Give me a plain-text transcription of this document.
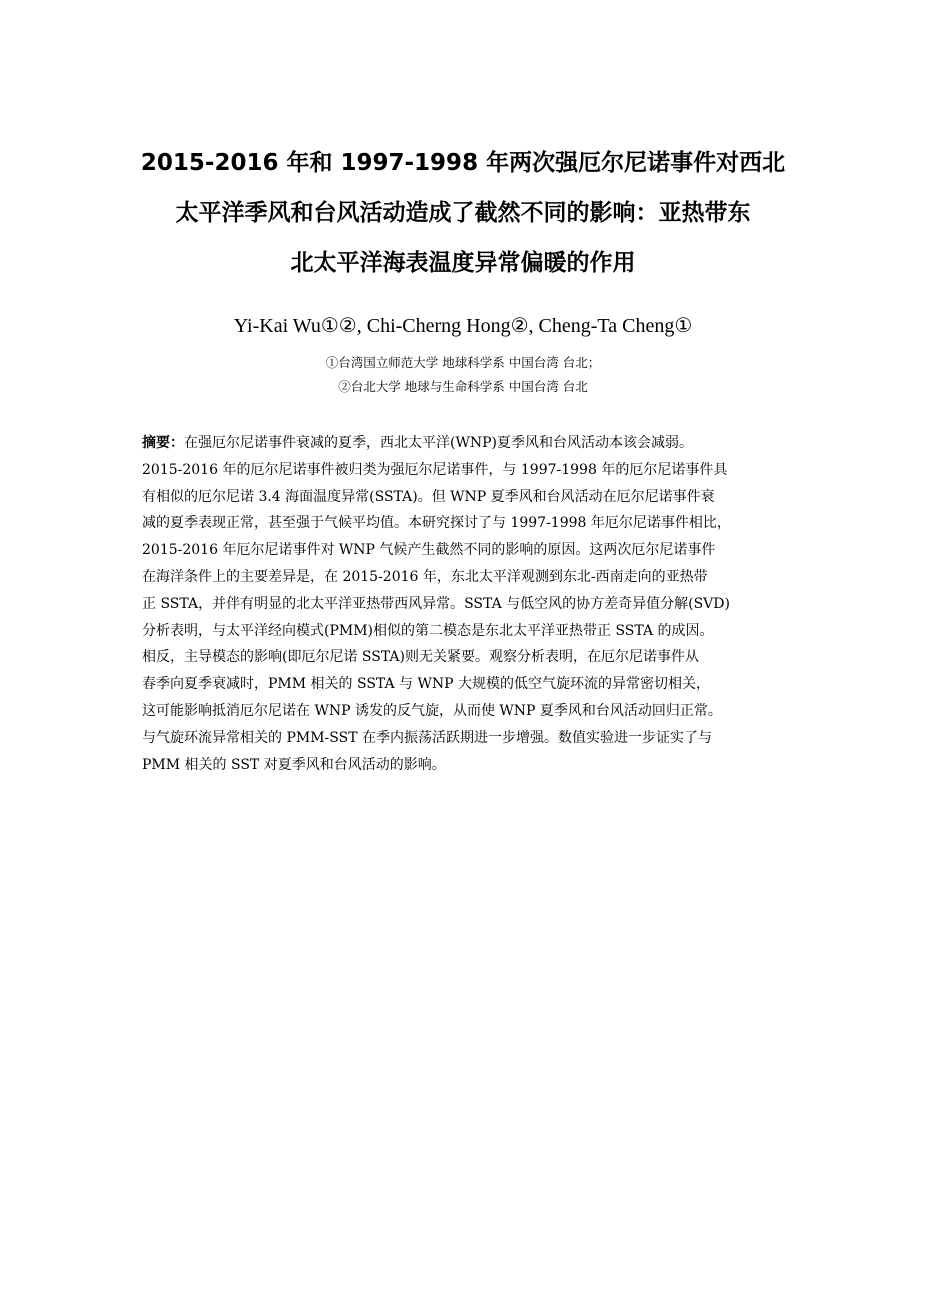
2015-2016 年和 1997-1998 年两次强厄尔尼诺事件对西北
太平洋季风和台风活动造成了截然不同的影响：亚热带东
北太平洋海表温度异常偏暖的作用
Yi-Kai Wu①②, Chi-Cherng Hong②, Cheng-Ta Cheng①
①台湾国立师范大学 地球科学系 中国台湾 台北；
②台北大学 地球与生命科学系 中国台湾 台北
摘要：在强厄尔尼诺事件衰减的夏季，西北太平洋(WNP)夏季风和台风活动本该会减弱。
2015-2016 年的厄尔尼诺事件被归类为强厄尔尼诺事件，与 1997-1998 年的厄尔尼诺事件具
有相似的厄尔尼诺 3.4 海面温度异常(SSTA)。但 WNP 夏季风和台风活动在厄尔尼诺事件衰
减的夏季表现正常，甚至强于气候平均值。本研究探讨了与 1997-1998 年厄尔尼诺事件相比，
2015-2016 年厄尔尼诺事件对 WNP 气候产生截然不同的影响的原因。这两次厄尔尼诺事件
在海洋条件上的主要差异是，在 2015-2016 年，东北太平洋观测到东北-西南走向的亚热带
正 SSTA，并伴有明显的北太平洋亚热带西风异常。SSTA 与低空风的协方差奇异值分解(SVD)
分析表明，与太平洋经向模式(PMM)相似的第二模态是东北太平洋亚热带正 SSTA 的成因。
相反，主导模态的影响(即厄尔尼诺 SSTA)则无关紧要。观察分析表明，在厄尔尼诺事件从
春季向夏季衰减时，PMM 相关的 SSTA 与 WNP 大规模的低空气旋环流的异常密切相关，
这可能影响抵消厄尔尼诺在 WNP 诱发的反气旋，从而使 WNP 夏季风和台风活动回归正常。
与气旋环流异常相关的 PMM-SST 在季内振荡活跃期进一步增强。数值实验进一步证实了与
PMM 相关的 SST 对夏季风和台风活动的影响。
